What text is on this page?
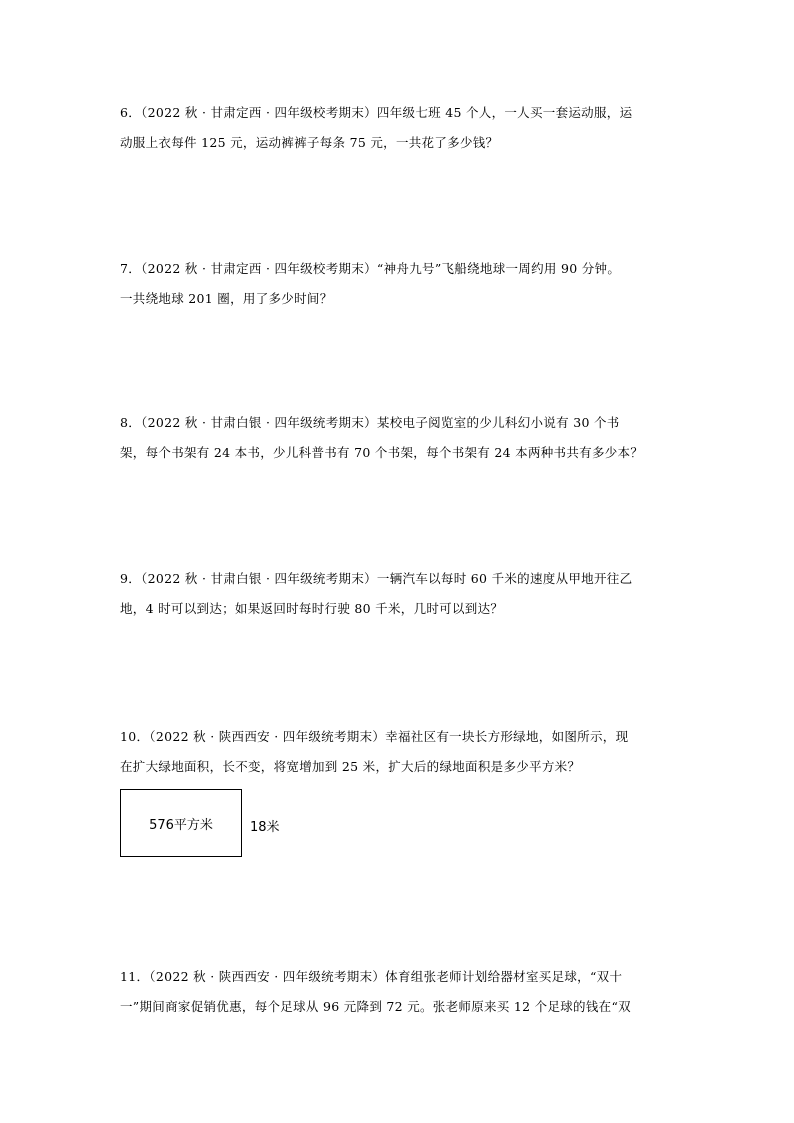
6．（2022 秋 · 甘肃定西 · 四年级校考期末）四年级七班 45 个人，一人买一套运动服，运
动服上衣每件 125 元，运动裤裤子每条 75 元，一共花了多少钱？
7．（2022 秋 · 甘肃定西 · 四年级校考期末）“神舟九号”飞船绕地球一周约用 90 分钟。
一共绕地球 201 圈，用了多少时间？
8．（2022 秋 · 甘肃白银 · 四年级统考期末）某校电子阅览室的少儿科幻小说有 30 个书
架，每个书架有 24 本书，少儿科普书有 70 个书架，每个书架有 24 本两种书共有多少本？
9．（2022 秋 · 甘肃白银 · 四年级统考期末）一辆汽车以每时 60 千米的速度从甲地开往乙
地，4 时可以到达；如果返回时每时行驶 80 千米，几时可以到达？
10．（2022 秋 · 陕西西安 · 四年级统考期末）幸福社区有一块长方形绿地，如图所示，现
在扩大绿地面积，长不变，将宽增加到 25 米，扩大后的绿地面积是多少平方米？
576平方米	18米
11．（2022 秋 · 陕西西安 · 四年级统考期末）体育组张老师计划给器材室买足球，“双十
一”期间商家促销优惠，每个足球从 96 元降到 72 元。张老师原来买 12 个足球的钱在“双
